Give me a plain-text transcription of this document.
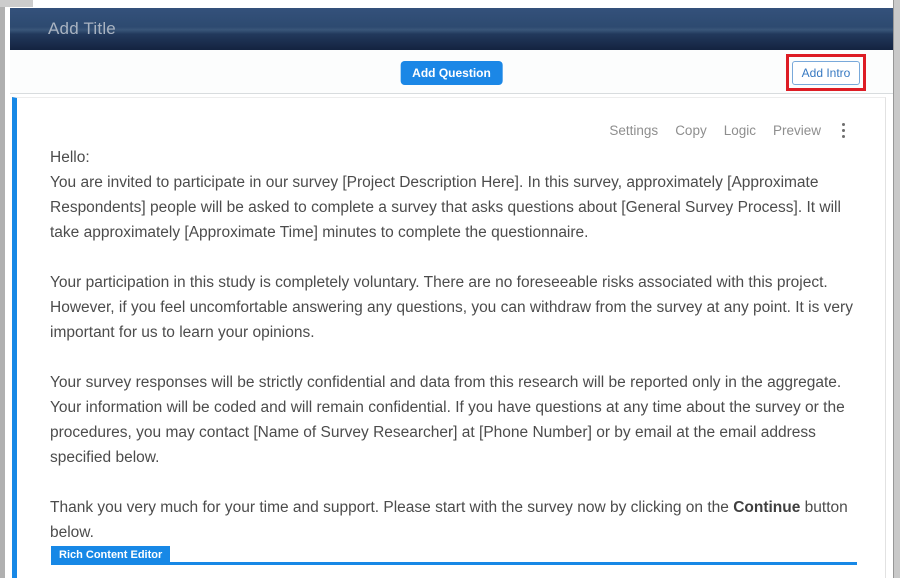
Add Title
Add Question	Add Intro
Settings Copy Logic Preview

Hello:
You are invited to participate in our survey [Project Description Here]. In this survey, approximately [Approximate Respondents] people will be asked to complete a survey that asks questions about [General Survey Process]. It will take approximately [Approximate Time] minutes to complete the questionnaire.

Your participation in this study is completely voluntary. There are no foreseeable risks associated with this project. However, if you feel uncomfortable answering any questions, you can withdraw from the survey at any point. It is very important for us to learn your opinions.

Your survey responses will be strictly confidential and data from this research will be reported only in the aggregate. Your information will be coded and will remain confidential. If you have questions at any time about the survey or the procedures, you may contact [Name of Survey Researcher] at [Phone Number] or by email at the email address specified below.

Thank you very much for your time and support. Please start with the survey now by clicking on the Continue button below.

Rich Content Editor
